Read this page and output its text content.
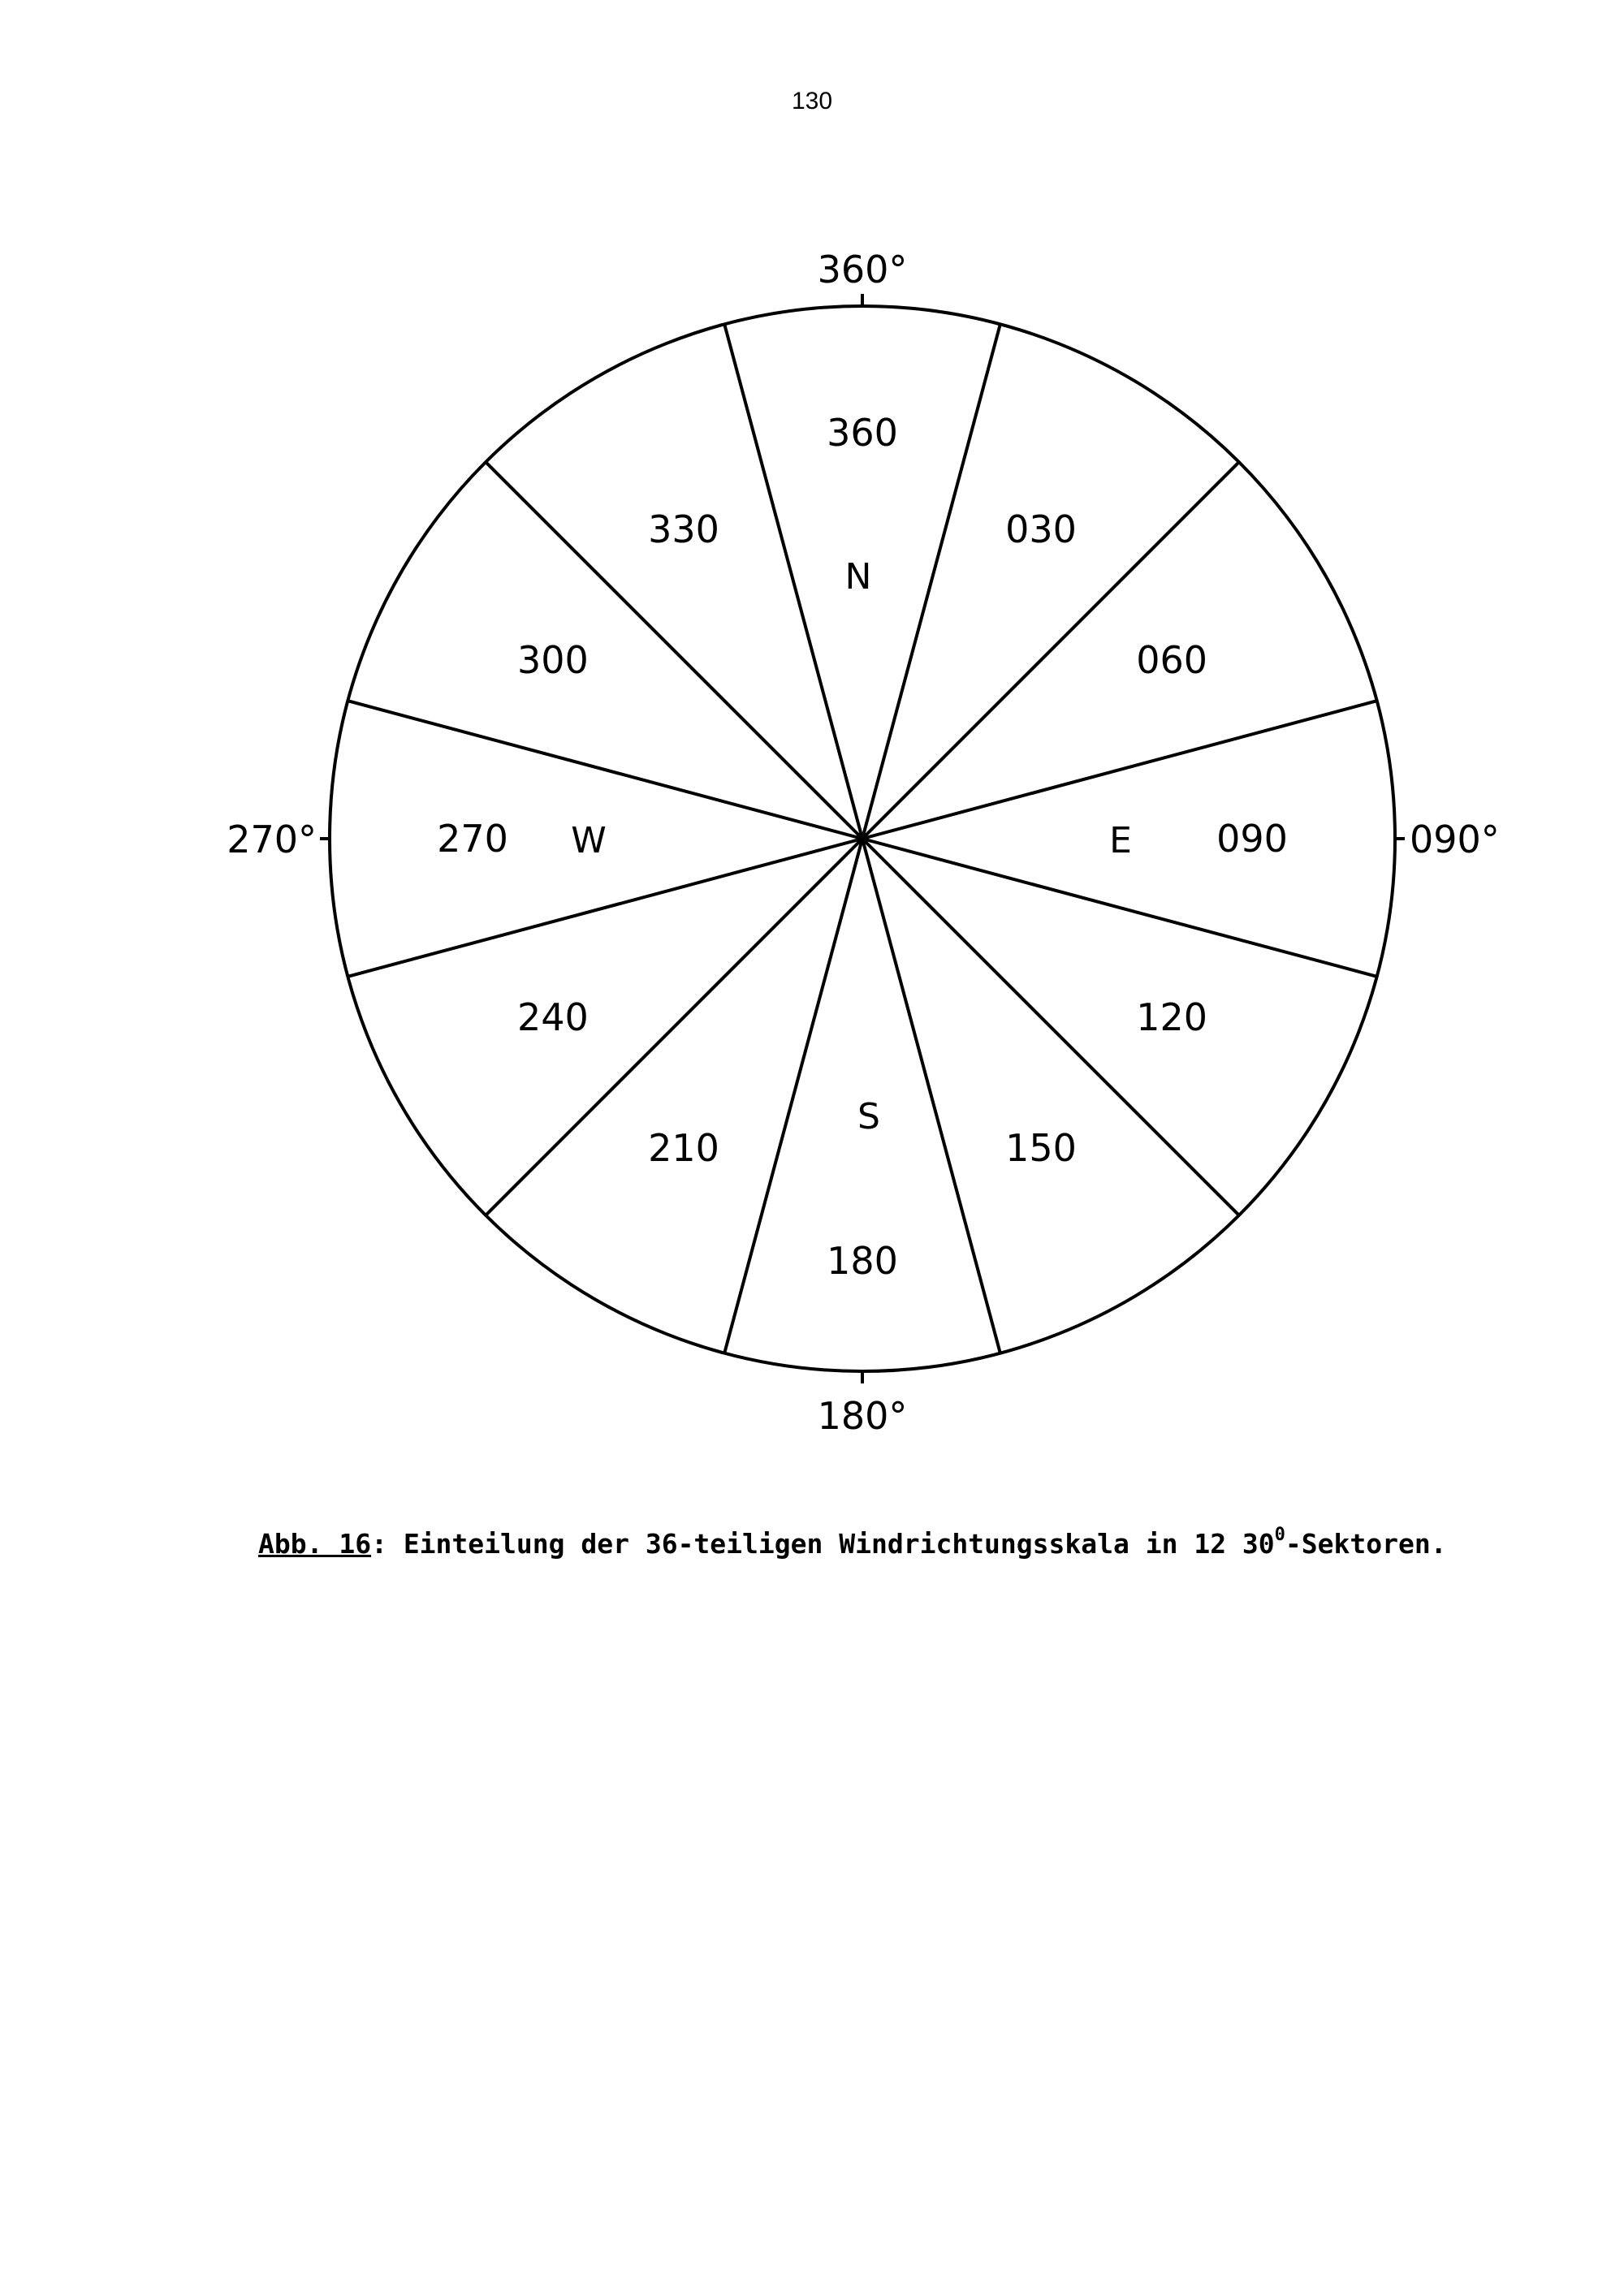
130
360
030
060
090
120
150
180
210
240
270
300
330
N
E
S
W
360°
090°
180°
270°
Abb. 16: Einteilung der 36-teiligen Windrichtungsskala in 12 $30^0$-Sektoren.
